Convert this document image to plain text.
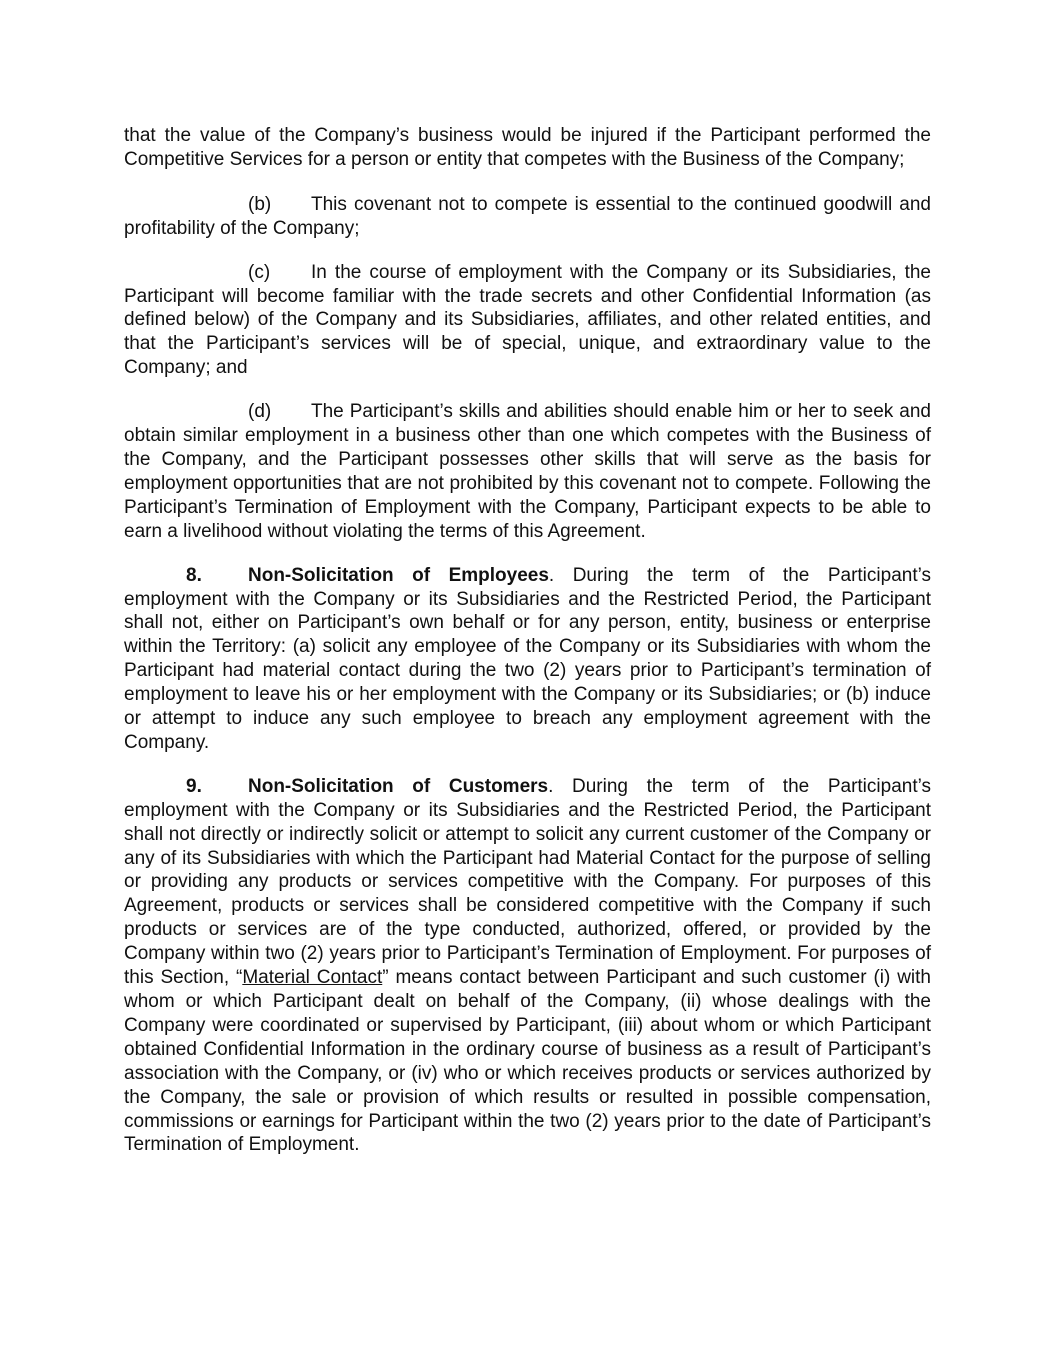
that the value of the Company’s business would be injured if the Participant performed the Competitive Services for a person or entity that competes with the Business of the Company;

(b) This covenant not to compete is essential to the continued goodwill and profitability of the Company;

(c) In the course of employment with the Company or its Subsidiaries, the Participant will become familiar with the trade secrets and other Confidential Information (as defined below) of the Company and its Subsidiaries, affiliates, and other related entities, and that the Participant’s services will be of special, unique, and extraordinary value to the Company; and

(d) The Participant’s skills and abilities should enable him or her to seek and obtain similar employment in a business other than one which competes with the Business of the Company, and the Participant possesses other skills that will serve as the basis for employment opportunities that are not prohibited by this covenant not to compete. Following the Participant’s Termination of Employment with the Company, Participant expects to be able to earn a livelihood without violating the terms of this Agreement.

8. Non-Solicitation of Employees. During the term of the Participant’s employment with the Company or its Subsidiaries and the Restricted Period, the Participant shall not, either on Participant’s own behalf or for any person, entity, business or enterprise within the Territory: (a) solicit any employee of the Company or its Subsidiaries with whom the Participant had material contact during the two (2) years prior to Participant’s termination of employment to leave his or her employment with the Company or its Subsidiaries; or (b) induce or attempt to induce any such employee to breach any employment agreement with the Company.

9. Non-Solicitation of Customers. During the term of the Participant’s employment with the Company or its Subsidiaries and the Restricted Period, the Participant shall not directly or indirectly solicit or attempt to solicit any current customer of the Company or any of its Subsidiaries with which the Participant had Material Contact for the purpose of selling or providing any products or services competitive with the Company. For purposes of this Agreement, products or services shall be considered competitive with the Company if such products or services are of the type conducted, authorized, offered, or provided by the Company within two (2) years prior to Participant’s Termination of Employment. For purposes of this Section, “Material Contact” means contact between Participant and such customer (i) with whom or which Participant dealt on behalf of the Company, (ii) whose dealings with the Company were coordinated or supervised by Participant, (iii) about whom or which Participant obtained Confidential Information in the ordinary course of business as a result of Participant’s association with the Company, or (iv) who or which receives products or services authorized by the Company, the sale or provision of which results or resulted in possible compensation, commissions or earnings for Participant within the two (2) years prior to the date of Participant’s Termination of Employment.
